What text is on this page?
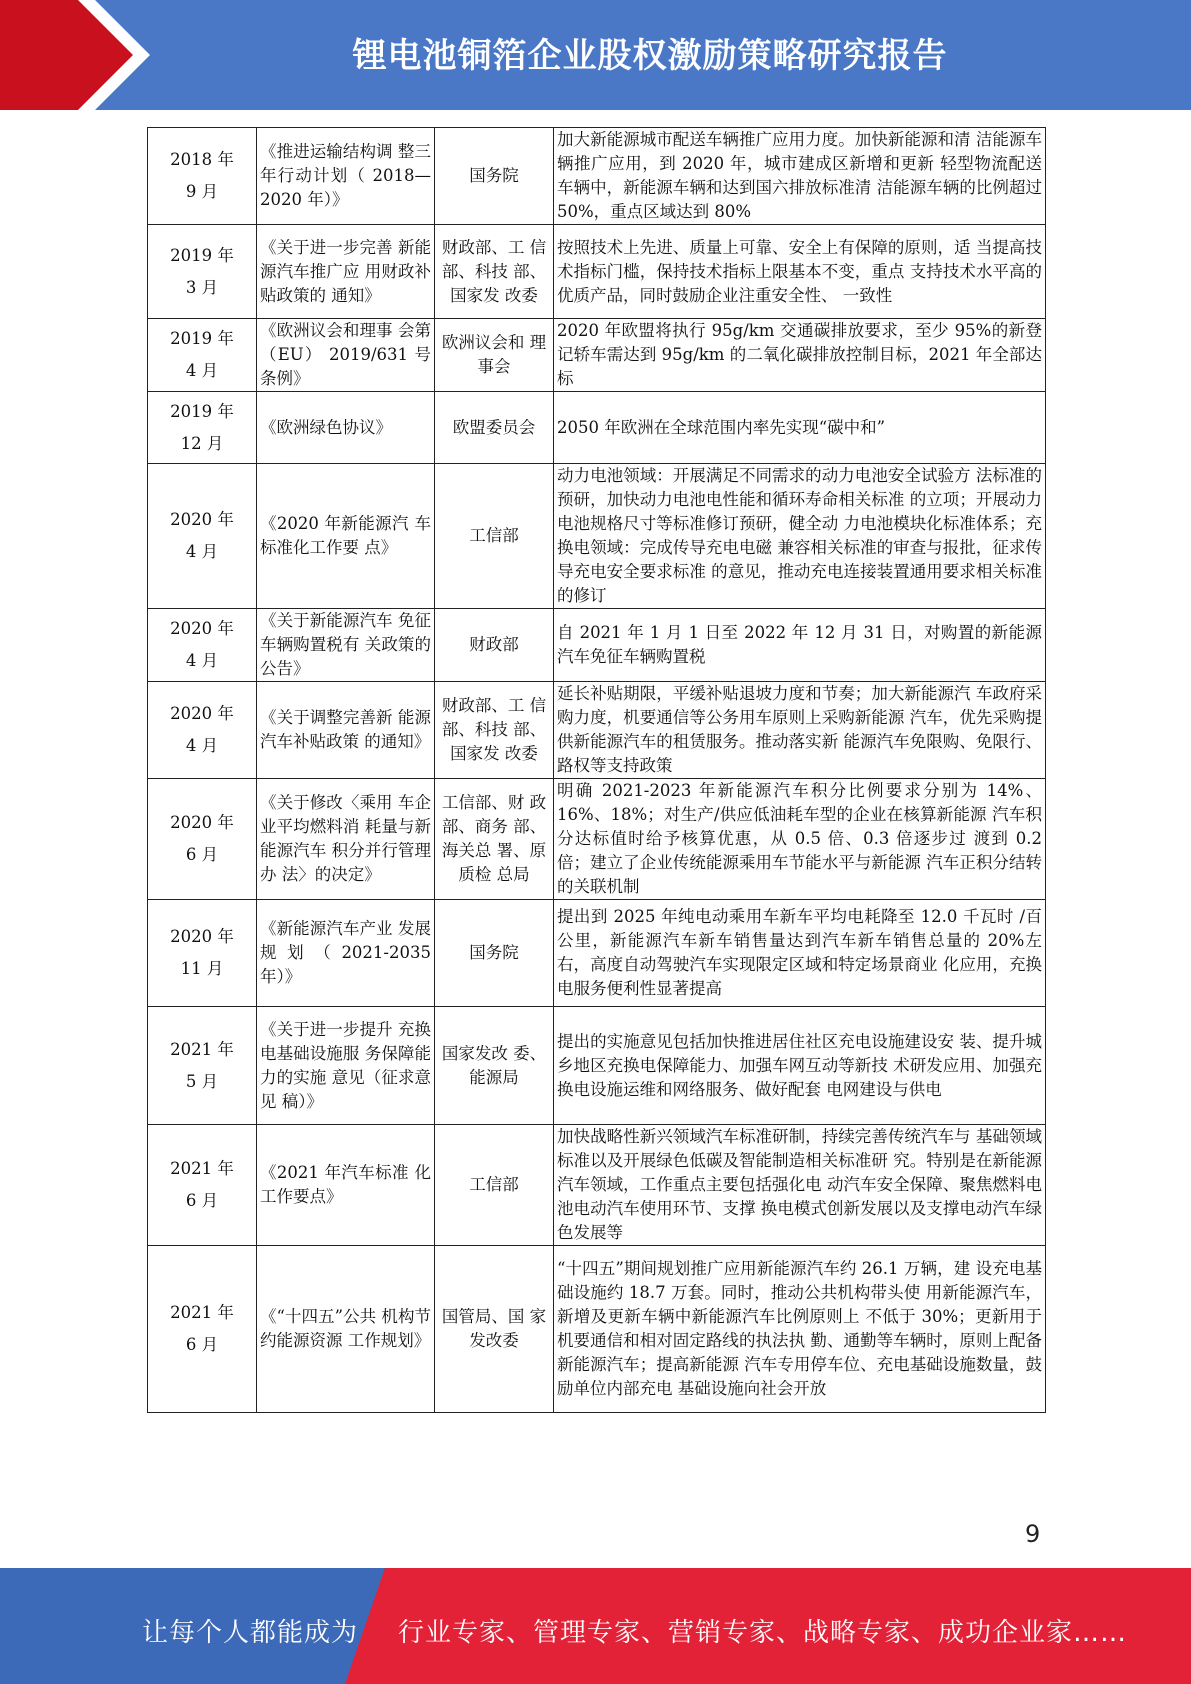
锂电池铜箔企业股权激励策略研究报告
2018 年
9 月	《推进运输结构调 整三年行动计划（ 2018—2020 年）》	国务院	加大新能源城市配送车辆推广应用力度。加快新能源和清 洁能源车辆推广应用，到 2020 年，城市建成区新增和更新 轻型物流配送车辆中，新能源车辆和达到国六排放标准清 洁能源车辆的比例超过 50%，重点区域达到 80%

2019 年
3 月	《关于进一步完善 新能源汽车推广应 用财政补贴政策的 通知》	财政部、工 信部、科技 部、国家发 改委	按照技术上先进、质量上可靠、安全上有保障的原则，适 当提高技术指标门槛，保持技术指标上限基本不变，重点 支持技术水平高的优质产品，同时鼓励企业注重安全性、 一致性

2019 年
4 月	《欧洲议会和理事 会第（EU） 2019/631 号条例》	欧洲议会和 理事会	2020 年欧盟将执行 95g/km 交通碳排放要求，至少 95%的新登记轿车需达到 95g/km 的二氧化碳排放控制目标，2021 年全部达标

2019 年
12 月	《欧洲绿色协议》	欧盟委员会	2050 年欧洲在全球范围内率先实现“碳中和”

2020 年
4 月	《2020 年新能源汽 车标准化工作要 点》	工信部	动力电池领域：开展满足不同需求的动力电池安全试验方 法标准的预研，加快动力电池电性能和循环寿命相关标准 的立项；开展动力电池规格尺寸等标准修订预研，健全动 力电池模块化标准体系；充换电领域：完成传导充电电磁 兼容相关标准的审查与报批，征求传导充电安全要求标准 的意见，推动充电连接装置通用要求相关标准的修订

2020 年
4 月	《关于新能源汽车 免征车辆购置税有 关政策的公告》	财政部	自 2021 年 1 月 1 日至 2022 年 12 月 31 日，对购置的新能源汽车免征车辆购置税

2020 年
4 月	《关于调整完善新 能源汽车补贴政策 的通知》	财政部、工 信部、科技 部、国家发 改委	延长补贴期限，平缓补贴退坡力度和节奏；加大新能源汽 车政府采购力度，机要通信等公务用车原则上采购新能源 汽车，优先采购提供新能源汽车的租赁服务。推动落实新 能源汽车免限购、免限行、路权等支持政策

2020 年
6 月	《关于修改〈乘用 车企业平均燃料消 耗量与新能源汽车 积分并行管理办 法〉的决定》	工信部、财 政部、商务 部、海关总 署、原质检 总局	明确 2021-2023 年新能源汽车积分比例要求分别为 14%、16%、18%；对生产/供应低油耗车型的企业在核算新能源 汽车积分达标值时给予核算优惠，从 0.5 倍、0.3 倍逐步过 渡到 0.2 倍；建立了企业传统能源乘用车节能水平与新能源 汽车正积分结转的关联机制

2020 年
11 月	《新能源汽车产业 发展规划（2021-2035 年）》	国务院	提出到 2025 年纯电动乘用车新车平均电耗降至 12.0 千瓦时 /百公里，新能源汽车新车销售量达到汽车新车销售总量的 20%左右，高度自动驾驶汽车实现限定区域和特定场景商业 化应用，充换电服务便利性显著提高

2021 年
5 月	《关于进一步提升 充换电基础设施服 务保障能力的实施 意见（征求意见 稿）》	国家发改 委、能源局	提出的实施意见包括加快推进居住社区充电设施建设安 装、提升城乡地区充换电保障能力、加强车网互动等新技 术研发应用、加强充换电设施运维和网络服务、做好配套 电网建设与供电

2021 年
6 月	《2021 年汽车标准 化工作要点》	工信部	加快战略性新兴领域汽车标准研制，持续完善传统汽车与 基础领域标准以及开展绿色低碳及智能制造相关标准研 究。特别是在新能源汽车领域，工作重点主要包括强化电 动汽车安全保障、聚焦燃料电池电动汽车使用环节、支撑 换电模式创新发展以及支撑电动汽车绿色发展等

2021 年
6 月	《“十四五”公共 机构节约能源资源 工作规划》	国管局、国 家发改委	“十四五”期间规划推广应用新能源汽车约 26.1 万辆，建 设充电基础设施约 18.7 万套。同时，推动公共机构带头使 用新能源汽车，新增及更新车辆中新能源汽车比例原则上 不低于 30%；更新用于机要通信和相对固定路线的执法执 勤、通勤等车辆时，原则上配备新能源汽车；提高新能源 汽车专用停车位、充电基础设施数量，鼓励单位内部充电 基础设施向社会开放
9
让每个人都能成为 行业专家、管理专家、营销专家、战略专家、成功企业家……
